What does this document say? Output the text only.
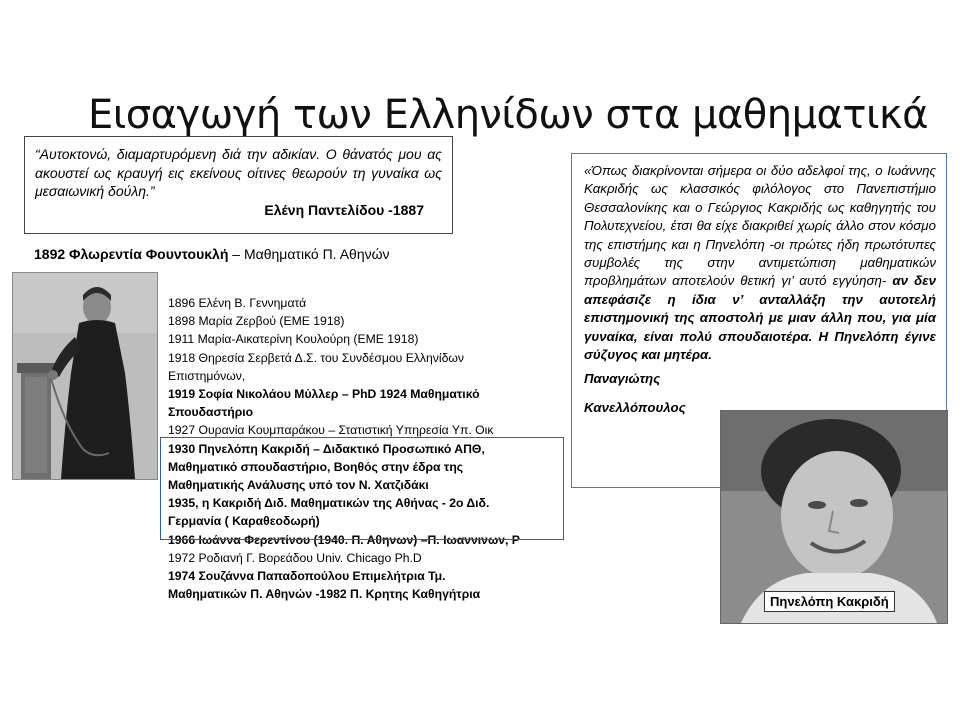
Εισαγωγή των Ελληνίδων στα μαθηματικά
“Αυτοκτονώ, διαμαρτυρόμενη διά την αδικίαν. Ο θάνατός μου ας ακουστεί ως κραυγή εις εκείνους οίτινες θεωρούν τη γυναίκα ως μεσαιωνική δούλη.”
Ελένη Παντελίδου -1887
1892 Φλωρεντία Φουντουκλή – Μαθηματικό Π. Αθηνών
1896 Ελένη Β. Γεννηματά
1898 Μαρία Ζερβού (ΕΜΕ 1918)
1911 Μαρία-Αικατερίνη Κουλούρη (ΕΜΕ 1918)
1918 Θηρεσία Σερβετά Δ.Σ. του Συνδέσμου Ελληνίδων
Επιστημόνων,
1919 Σοφία Νικολάου Μύλλερ – PhD 1924 Μαθηματικό
Σπουδαστήριο
1927 Ουρανία Κουμπαράκου – Στατιστική Υπηρεσία Υπ. Οικ
1930 Πηνελόπη Κακριδή – Διδακτικό Προσωπικό ΑΠΘ,
Μαθηματικό σπουδαστήριο, Βοηθός στην έδρα της
Μαθηματικής Ανάλυσης υπό τον Ν. Χατζιδάκι
1935, η Κακριδή Διδ. Μαθηματικών της Αθήνας - 2ο Διδ.
Γερμανία ( Καραθεοδωρή)
1966 Ιωάννα Φερεντίνου (1940. Π. Αθηνων) –Π. Ιωαννινων, Ρ
1972 Ροδιανή Γ. Βορεάδου Univ. Chicago Ph.D
1974 Σουζάννα Παπαδοπούλου Επιμελήτρια Τμ.
Μαθηματικών Π. Αθηνών -1982 Π. Κρητης Καθηγήτρια
«Όπως διακρίνονται σήμερα οι δύο αδελφοί της, ο Ιωάννης Κακριδής ως κλασσικός φιλόλογος στο Πανεπιστήμιο Θεσσαλονίκης και ο Γεώργιος Κακριδής ως καθηγητής του Πολυτεχνείου, έτσι θα είχε διακριθεί χωρίς άλλο στον κόσμο της επιστήμης και η Πηνελόπη -οι πρώτες ήδη πρωτότυπες συμβολές της στην αντιμετώπιση μαθηματικών προβλημάτων αποτελούν θετική γι’ αυτό εγγύηση- αν δεν απεφάσιζε η ίδια ν’ ανταλλάξη την αυτοτελή επιστημονική της αποστολή με μιαν άλλη που, για μία γυναίκα, είναι πολύ σπουδαιοτέρα. Η Πηνελόπη έγινε σύζυγος και μητέρα.
Παναγιώτης
Κανελλόπουλος
Πηνελόπη Κακριδή
